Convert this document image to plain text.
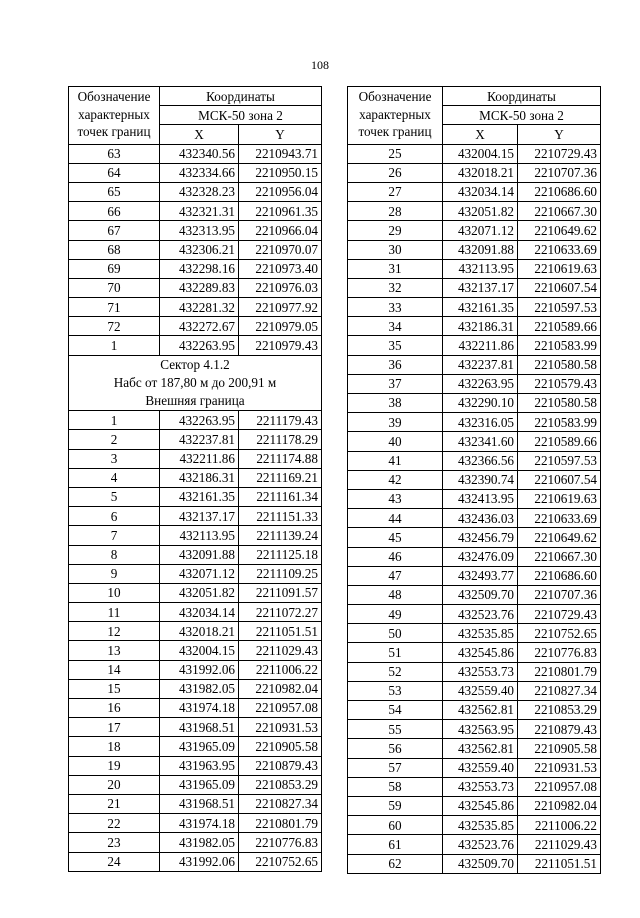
108
Обозначение
характерных
точек границ	Координаты	
	МСК-50 зона 2	
	X	Y
63	432340.56	2210943.71
64	432334.66	2210950.15
65	432328.23	2210956.04
66	432321.31	2210961.35
67	432313.95	2210966.04
68	432306.21	2210970.07
69	432298.16	2210973.40
70	432289.83	2210976.03
71	432281.32	2210977.92
72	432272.67	2210979.05
1	432263.95	2210979.43
Сектор 4.1.2		
Набс от 187,80 м до 200,91 м		
Внешняя граница		
1	432263.95	2211179.43
2	432237.81	2211178.29
3	432211.86	2211174.88
4	432186.31	2211169.21
5	432161.35	2211161.34
6	432137.17	2211151.33
7	432113.95	2211139.24
8	432091.88	2211125.18
9	432071.12	2211109.25
10	432051.82	2211091.57
11	432034.14	2211072.27
12	432018.21	2211051.51
13	432004.15	2211029.43
14	431992.06	2211006.22
15	431982.05	2210982.04
16	431974.18	2210957.08
17	431968.51	2210931.53
18	431965.09	2210905.58
19	431963.95	2210879.43
20	431965.09	2210853.29
21	431968.51	2210827.34
22	431974.18	2210801.79
23	431982.05	2210776.83
24	431992.06	2210752.65
Обозначение
характерных
точек границ	Координаты	
	МСК-50 зона 2	
	X	Y
25	432004.15	2210729.43
26	432018.21	2210707.36
27	432034.14	2210686.60
28	432051.82	2210667.30
29	432071.12	2210649.62
30	432091.88	2210633.69
31	432113.95	2210619.63
32	432137.17	2210607.54
33	432161.35	2210597.53
34	432186.31	2210589.66
35	432211.86	2210583.99
36	432237.81	2210580.58
37	432263.95	2210579.43
38	432290.10	2210580.58
39	432316.05	2210583.99
40	432341.60	2210589.66
41	432366.56	2210597.53
42	432390.74	2210607.54
43	432413.95	2210619.63
44	432436.03	2210633.69
45	432456.79	2210649.62
46	432476.09	2210667.30
47	432493.77	2210686.60
48	432509.70	2210707.36
49	432523.76	2210729.43
50	432535.85	2210752.65
51	432545.86	2210776.83
52	432553.73	2210801.79
53	432559.40	2210827.34
54	432562.81	2210853.29
55	432563.95	2210879.43
56	432562.81	2210905.58
57	432559.40	2210931.53
58	432553.73	2210957.08
59	432545.86	2210982.04
60	432535.85	2211006.22
61	432523.76	2211029.43
62	432509.70	2211051.51
